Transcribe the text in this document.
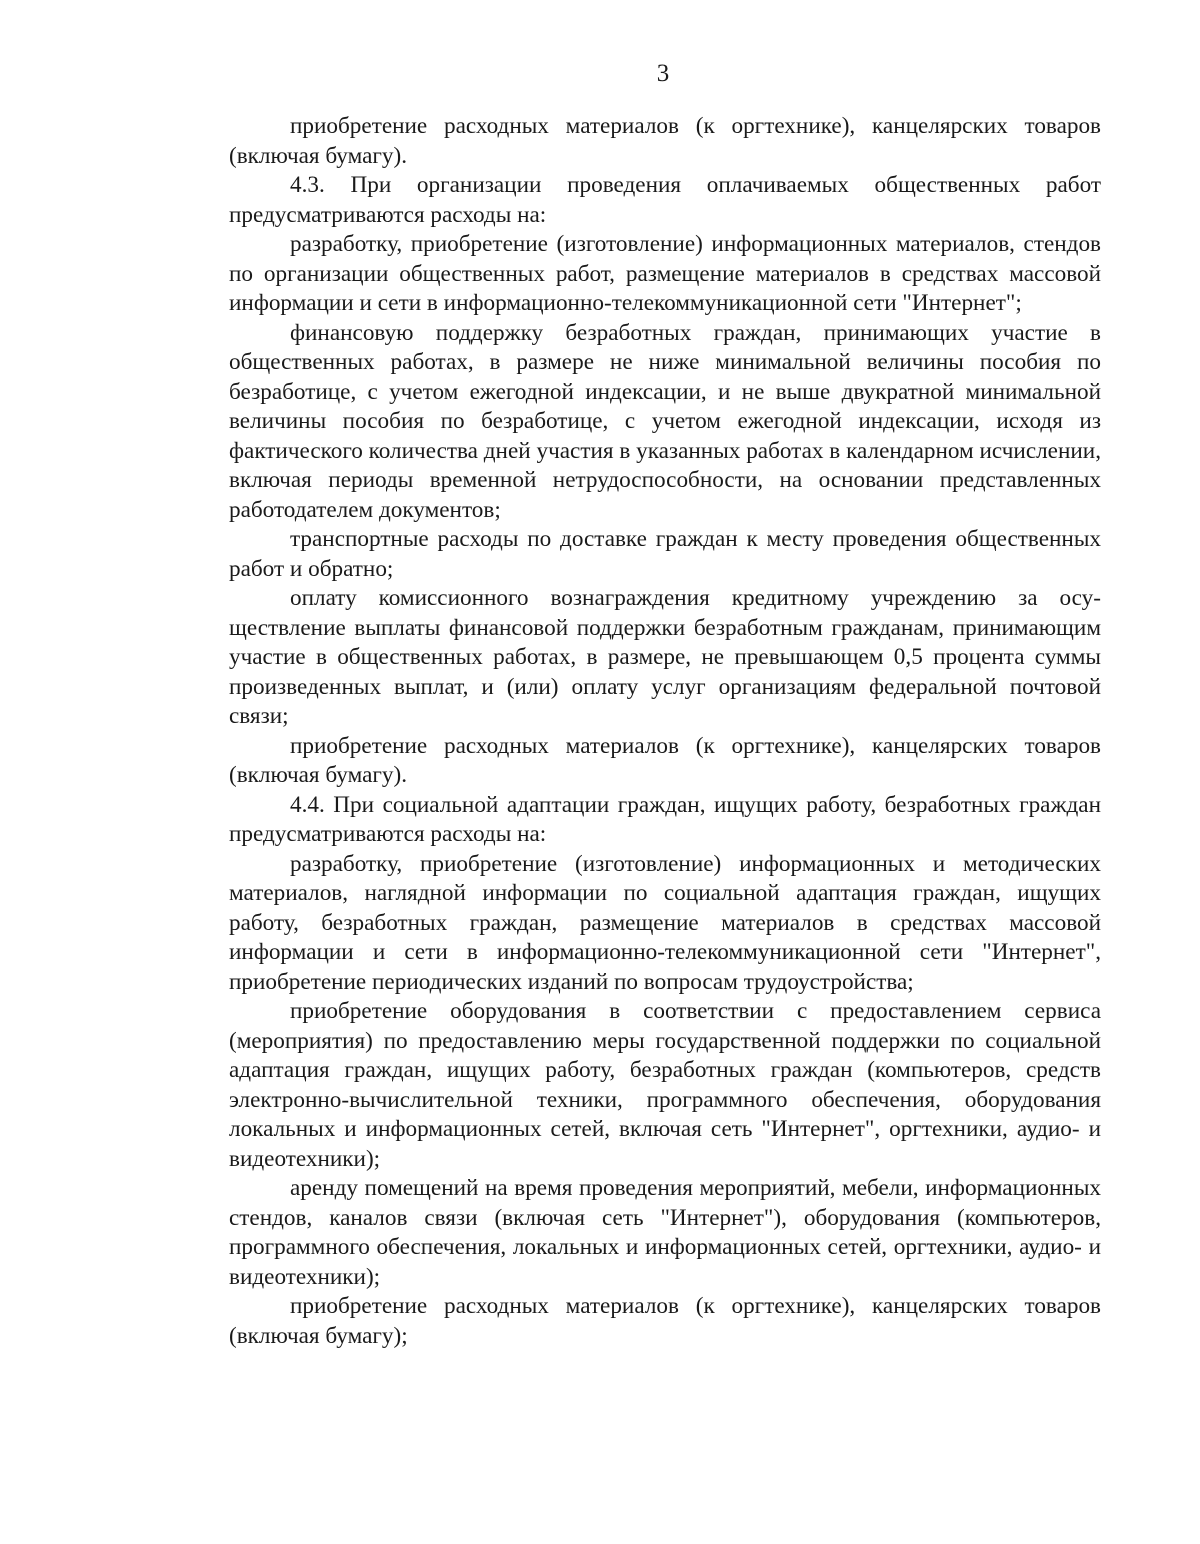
3

приобретение расходных материалов (к оргтехнике), канцелярских товаров (включая бумагу).

4.3. При организации проведения оплачиваемых общественных работ предусматриваются расходы на:

разработку, приобретение (изготовление) информационных материалов, стендов по организации общественных работ, размещение материалов в средствах массовой информации и сети в информационно-телекоммуникационной сети "Интернет";

финансовую поддержку безработных граждан, принимающих участие в общественных работах, в размере не ниже минимальной величины пособия по безработице, с учетом ежегодной индексации, и не выше двукратной минимальной величины пособия по безработице, с учетом ежегодной индексации, исходя из фактического количества дней участия в указанных работах в календарном исчислении, включая периоды временной нетрудоспособности, на основании представленных работодателем документов;

транспортные расходы по доставке граждан к месту проведения общественных работ и обратно;

оплату комиссионного вознаграждения кредитному учреждению за осуществление выплаты финансовой поддержки безработным гражданам, принимающим участие в общественных работах, в размере, не превышающем 0,5 процента суммы произведенных выплат, и (или) оплату услуг организациям федеральной почтовой связи;

приобретение расходных материалов (к оргтехнике), канцелярских товаров (включая бумагу).

4.4. При социальной адаптации граждан, ищущих работу, безработных граждан предусматриваются расходы на:

разработку, приобретение (изготовление) информационных и методических материалов, наглядной информации по социальной адаптация граждан, ищущих работу, безработных граждан, размещение материалов в средствах массовой информации и сети в информационно-телекоммуникационной сети "Интернет", приобретение периодических изданий по вопросам трудоустройства;

приобретение оборудования в соответствии с предоставлением сервиса (мероприятия) по предоставлению меры государственной поддержки по социальной адаптация граждан, ищущих работу, безработных граждан (компьютеров, средств электронно-вычислительной техники, программного обеспечения, оборудования локальных и информационных сетей, включая сеть "Интернет", оргтехники, аудио- и видеотехники);

аренду помещений на время проведения мероприятий, мебели, информационных стендов, каналов связи (включая сеть "Интернет"), оборудования (компьютеров, программного обеспечения, локальных и информационных сетей, оргтехники, аудио- и видеотехники);

приобретение расходных материалов (к оргтехнике), канцелярских товаров (включая бумагу);
